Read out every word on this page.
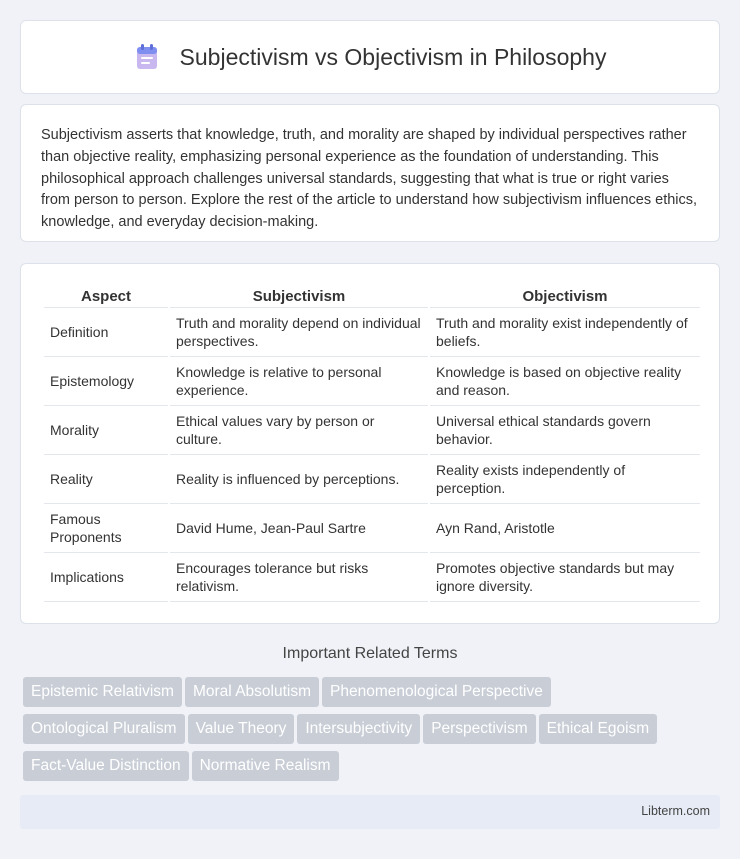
Subjectivism vs Objectivism in Philosophy

Subjectivism asserts that knowledge, truth, and morality are shaped by individual perspectives rather than objective reality, emphasizing personal experience as the foundation of understanding. This philosophical approach challenges universal standards, suggesting that what is true or right varies from person to person. Explore the rest of the article to understand how subjectivism influences ethics, knowledge, and everyday decision-making.

Aspect	Subjectivism	Objectivism
Definition	Truth and morality depend on individual perspectives.	Truth and morality exist independently of beliefs.
Epistemology	Knowledge is relative to personal experience.	Knowledge is based on objective reality and reason.
Morality	Ethical values vary by person or culture.	Universal ethical standards govern behavior.
Reality	Reality is influenced by perceptions.	Reality exists independently of perception.
Famous Proponents	David Hume, Jean-Paul Sartre	Ayn Rand, Aristotle
Implications	Encourages tolerance but risks relativism.	Promotes objective standards but may ignore diversity.
Important Related Terms
Epistemic Relativism Moral Absolutism Phenomenological Perspective
Ontological Pluralism Value Theory Intersubjectivity Perspectivism Ethical Egoism
Fact-Value Distinction Normative Realism
Libterm.com
